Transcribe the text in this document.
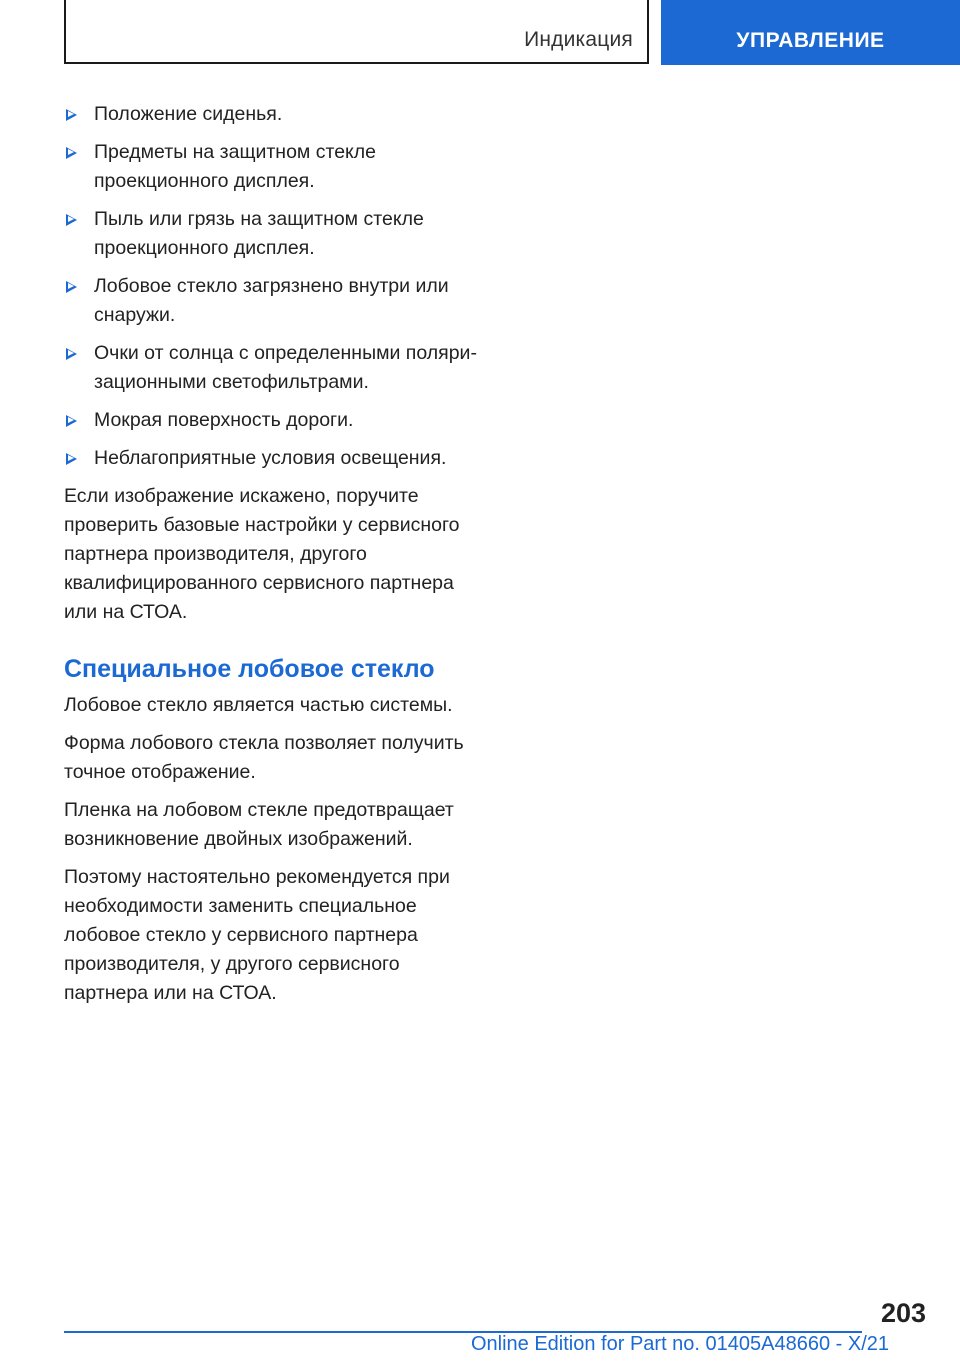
Индикация	УПРАВЛЕНИЕ
Положение сиденья.
Предметы на защитном стекле проекционного дисплея.
Пыль или грязь на защитном стекле проекционного дисплея.
Лобовое стекло загрязнено внутри или снаружи.
Очки от солнца с определенными поляризационными светофильтрами.
Мокрая поверхность дороги.
Неблагоприятные условия освещения.

Если изображение искажено, поручите проверить базовые настройки у сервисного партнера производителя, другого квалифицированного сервисного партнера или на СТОА.

Специальное лобовое стекло

Лобовое стекло является частью системы.

Форма лобового стекла позволяет получить точное отображение.

Пленка на лобовом стекле предотвращает возникновение двойных изображений.

Поэтому настоятельно рекомендуется при необходимости заменить специальное лобовое стекло у сервисного партнера производителя, у другого сервисного партнера или на СТОА.

203
Online Edition for Part no. 01405A48660 - X/21
